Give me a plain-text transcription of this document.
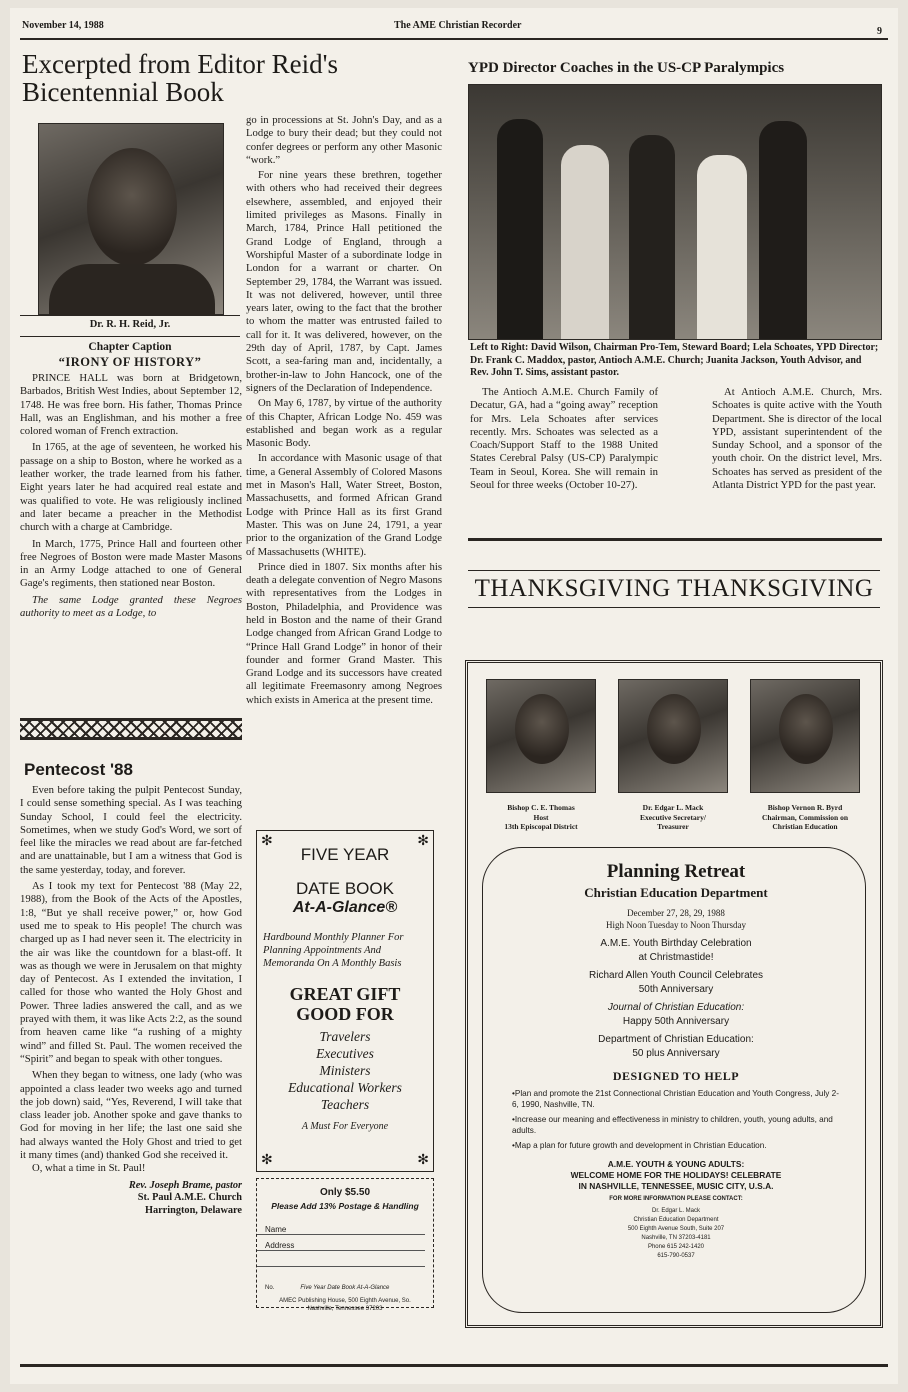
November 14, 1988	The AME Christian Recorder
9
Excerpted from Editor Reid's Bicentennial Book
Dr. R. H. Reid, Jr.
Chapter Caption
“IRONY OF HISTORY”

PRINCE HALL was born at Bridgetown, Barbados, British West Indies, about September 12, 1748. He was free born. His father, Thomas Prince Hall, was an Englishman, and his mother a free colored woman of French extraction.

In 1765, at the age of seventeen, he worked his passage on a ship to Boston, where he worked as a leather worker, the trade learned from his father. Eight years later he had acquired real estate and was qualified to vote. He was religiously inclined and later became a preacher in the Methodist church with a charge at Cambridge.

In March, 1775, Prince Hall and fourteen other free Negroes of Boston were made Master Masons in an Army Lodge attached to one of General Gage's regiments, then stationed near Boston.

The same Lodge granted these Negroes authority to meet as a Lodge, to

go in processions at St. John's Day, and as a Lodge to bury their dead; but they could not confer degrees or perform any other Masonic “work.”

For nine years these brethren, together with others who had received their degrees elsewhere, assembled, and enjoyed their limited privileges as Masons. Finally in March, 1784, Prince Hall petitioned the Grand Lodge of England, through a Worshipful Master of a subordinate lodge in London for a warrant or charter. On September 29, 1784, the Warrant was issued. It was not delivered, however, until three years later, owing to the fact that the brother to whom the matter was entrusted failed to call for it. It was delivered, however, on the 29th day of April, 1787, by Capt. James Scott, a sea-faring man and, incidentally, a brother-in-law to John Hancock, one of the signers of the Declaration of Independence.

On May 6, 1787, by virtue of the authority of this Chapter, African Lodge No. 459 was established and began work as a regular Masonic Body.

In accordance with Masonic usage of that time, a General Assembly of Colored Masons met in Mason's Hall, Water Street, Boston, Massachusetts, and formed African Grand Lodge with Prince Hall as its first Grand Master. This was on June 24, 1791, a year prior to the organization of the Grand Lodge of Massachusetts (WHITE).

Prince died in 1807. Six months after his death a delegate convention of Negro Masons with representatives from the Lodges in Boston, Philadelphia, and Providence was held in Boston and the name of their Grand Lodge changed from African Grand Lodge to “Prince Hall Grand Lodge” in honor of their founder and former Grand Master. This Grand Lodge and its successors have created all legitimate Freemasonry among Negroes which exists in America at the present time.

Pentecost '88

Even before taking the pulpit Pentecost Sunday, I could sense something special. As I was teaching Sunday School, I could feel the electricity. Sometimes, when we study God's Word, we sort of feel like the miracles we read about are far-fetched and are unattainable, but I am a witness that God is the same yesterday, today, and forever.

As I took my text for Pentecost '88 (May 22, 1988), from the Book of the Acts of the Apostles, 1:8, “But ye shall receive power,” or, how God used me to speak to His people! The church was charged up as I had never seen it. The electricity in the air was like the countdown for a blast-off. It was as though we were in Jerusalem on that mighty day of Pentecost. As I extended the invitation, I called for those who wanted the Holy Ghost and Power. Three ladies answered the call, and as we prayed with them, it was like Acts 2:2, as the sound from heaven came like “a rushing of a mighty wind” and filled St. Paul. The women received the “Spirit” and began to speak with other tongues.

When they began to witness, one lady (who was appointed a class leader two weeks ago and turned the job down) said, “Yes, Reverend, I will take that class leader job. Another spoke and gave thanks to God for moving in her life; the last one said she had always wanted the Holy Ghost and tried to get it many times (and) thanked God she received it.

O, what a time in St. Paul!

Rev. Joseph Brame, pastor
St. Paul A.M.E. Church
Harrington, Delaware
✻	✻
FIVE YEAR
DATE BOOK
At-A-Glance®
Hardbound Monthly Planner For Planning Appointments And Memoranda On A Monthly Basis
GREAT GIFT
GOOD FOR
Travelers
Executives
Ministers
Educational Workers
Teachers
A Must For Everyone
✻	✻
Only $5.50
Please Add 13% Postage & Handling
Name
Address

No.	Five Year Date Book At-A-Glance
AMEC Publishing House, 500 Eighth Avenue, So.
Nashville, Tennessee 37203
YPD Director Coaches in the US-CP Paralympics
Left to Right: David Wilson, Chairman Pro-Tem, Steward Board; Lela Schoates, YPD Director; Dr. Frank C. Maddox, pastor, Antioch A.M.E. Church; Juanita Jackson, Youth Advisor, and Rev. John T. Sims, assistant pastor.

The Antioch A.M.E. Church Family of Decatur, GA, had a “going away” reception for Mrs. Lela Schoates after services recently. Mrs. Schoates was selected as a Coach/Support Staff to the 1988 United States Cerebral Palsy (US-CP) Paralympic Team in Seoul, Korea. She will remain in Seoul for three weeks (October 10-27).

At Antioch A.M.E. Church, Mrs. Schoates is quite active with the Youth Department. She is director of the local YPD, assistant superintendent of the Sunday School, and a sponsor of the youth choir. On the district level, Mrs. Schoates has served as president of the Atlanta District YPD for the past year.

THANKSGIVING THANKSGIVING
Bishop C. E. Thomas
Host
13th Episcopal District
Dr. Edgar L. Mack
Executive Secretary/
Treasurer
Bishop Vernon R. Byrd
Chairman, Commission on
Christian Education
Planning Retreat
Christian Education Department
December 27, 28, 29, 1988
High Noon Tuesday to Noon Thursday
A.M.E. Youth Birthday Celebration
at Christmastide!
Richard Allen Youth Council Celebrates
50th Anniversary
Journal of Christian Education:
Happy 50th Anniversary
Department of Christian Education:
50 plus Anniversary
DESIGNED TO HELP
•Plan and promote the 21st Connectional Christian Education and Youth Congress, July 2-6, 1990, Nashville, TN.
•Increase our meaning and effectiveness in ministry to children, youth, young adults, and adults.
•Map a plan for future growth and development in Christian Education.
A.M.E. YOUTH & YOUNG ADULTS:
WELCOME HOME FOR THE HOLIDAYS! CELEBRATE
IN NASHVILLE, TENNESSEE, MUSIC CITY, U.S.A.
FOR MORE INFORMATION PLEASE CONTACT:
Dr. Edgar L. Mack
Christian Education Department
500 Eighth Avenue South, Suite 207
Nashville, TN 37203-4181
Phone 615 242-1420
615-790-0537
